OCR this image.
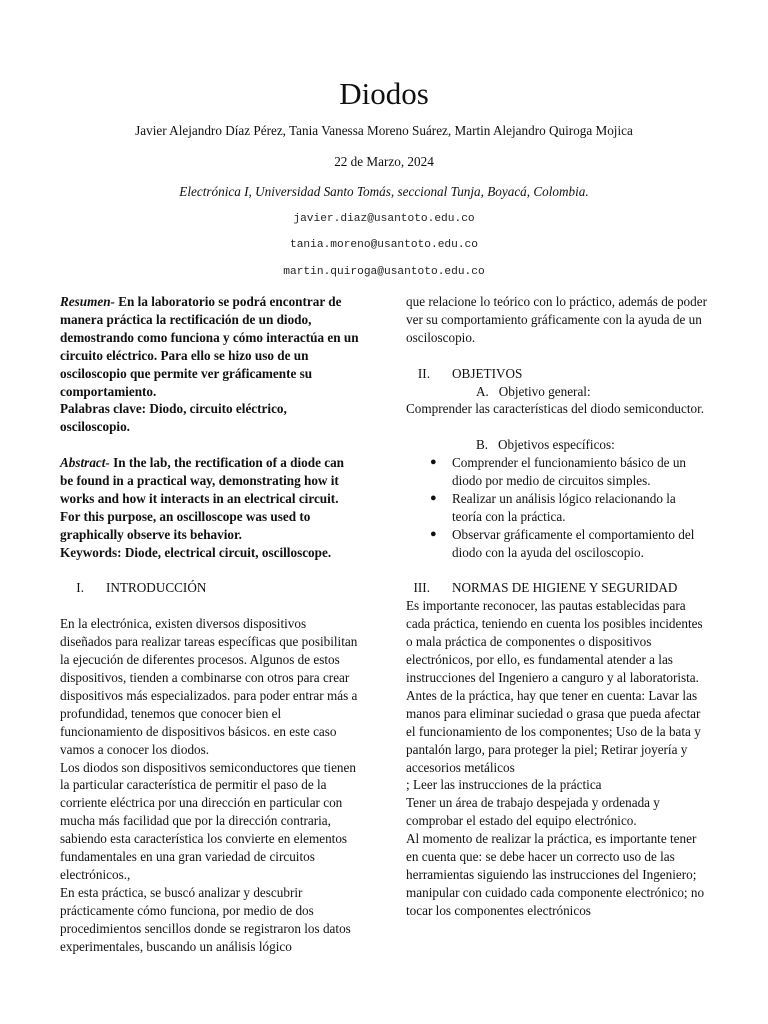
Diodos
Javier Alejandro Díaz Pérez, Tania Vanessa Moreno Suárez, Martin Alejandro Quiroga Mojica
22 de Marzo, 2024
Electrónica I, Universidad Santo Tomás, seccional Tunja, Boyacá, Colombia.
javier.diaz@usantoto.edu.co
tania.moreno@usantoto.edu.co
martin.quiroga@usantoto.edu.co

Resumen- En la laboratorio se podrá encontrar de manera práctica la rectificación de un diodo, demostrando como funciona y cómo interactúa en un circuito eléctrico. Para ello se hizo uso de un osciloscopio que permite ver gráficamente su comportamiento.

Palabras clave: Diodo, circuito eléctrico, osciloscopio.

Abstract- In the lab, the rectification of a diode can be found in a practical way, demonstrating how it works and how it interacts in an electrical circuit. For this purpose, an oscilloscope was used to graphically observe its behavior.

Keywords: Diode, electrical circuit, oscilloscope.

I. INTRODUCCIÓN

En la electrónica, existen diversos dispositivos diseñados para realizar tareas específicas que posibilitan la ejecución de diferentes procesos. Algunos de estos dispositivos, tienden a combinarse con otros para crear dispositivos más especializados. para poder entrar más a profundidad, tenemos que conocer bien el funcionamiento de dispositivos básicos. en este caso vamos a conocer los diodos.

Los diodos son dispositivos semiconductores que tienen la particular característica de permitir el paso de la corriente eléctrica por una dirección en particular con mucha más facilidad que por la dirección contraria, sabiendo esta característica los convierte en elementos fundamentales en una gran variedad de circuitos electrónicos.,

En esta práctica, se buscó analizar y descubrir prácticamente cómo funciona, por medio de dos procedimientos sencillos donde se registraron los datos experimentales, buscando un análisis lógico

que relacione lo teórico con lo práctico, además de poder ver su comportamiento gráficamente con la ayuda de un osciloscopio.

II. OBJETIVOS

A.   Objetivo general:

Comprender las características del diodo semiconductor.

B.   Objetivos específicos:

● Comprender el funcionamiento básico de un diodo por medio de circuitos simples.
● Realizar un análisis lógico relacionando la teoría con la práctica.
● Observar gráficamente el comportamiento del diodo con la ayuda del osciloscopio.

III. NORMAS DE HIGIENE Y SEGURIDAD

Es importante reconocer, las pautas establecidas para cada práctica, teniendo en cuenta los posibles incidentes o mala práctica de componentes o dispositivos electrónicos, por ello, es fundamental atender a las instrucciones del Ingeniero a canguro y al laboratorista.

Antes de la práctica, hay que tener en cuenta: Lavar las manos para eliminar suciedad o grasa que pueda afectar el funcionamiento de los componentes; Uso de la bata y pantalón largo, para proteger la piel; Retirar joyería y accesorios metálicos

; Leer las instrucciones de la práctica

Tener un área de trabajo despejada y ordenada y comprobar el estado del equipo electrónico.

Al momento de realizar la práctica, es importante tener en cuenta que: se debe hacer un correcto uso de las herramientas siguiendo las instrucciones del Ingeniero; manipular con cuidado cada componente electrónico; no tocar los componentes electrónicos
